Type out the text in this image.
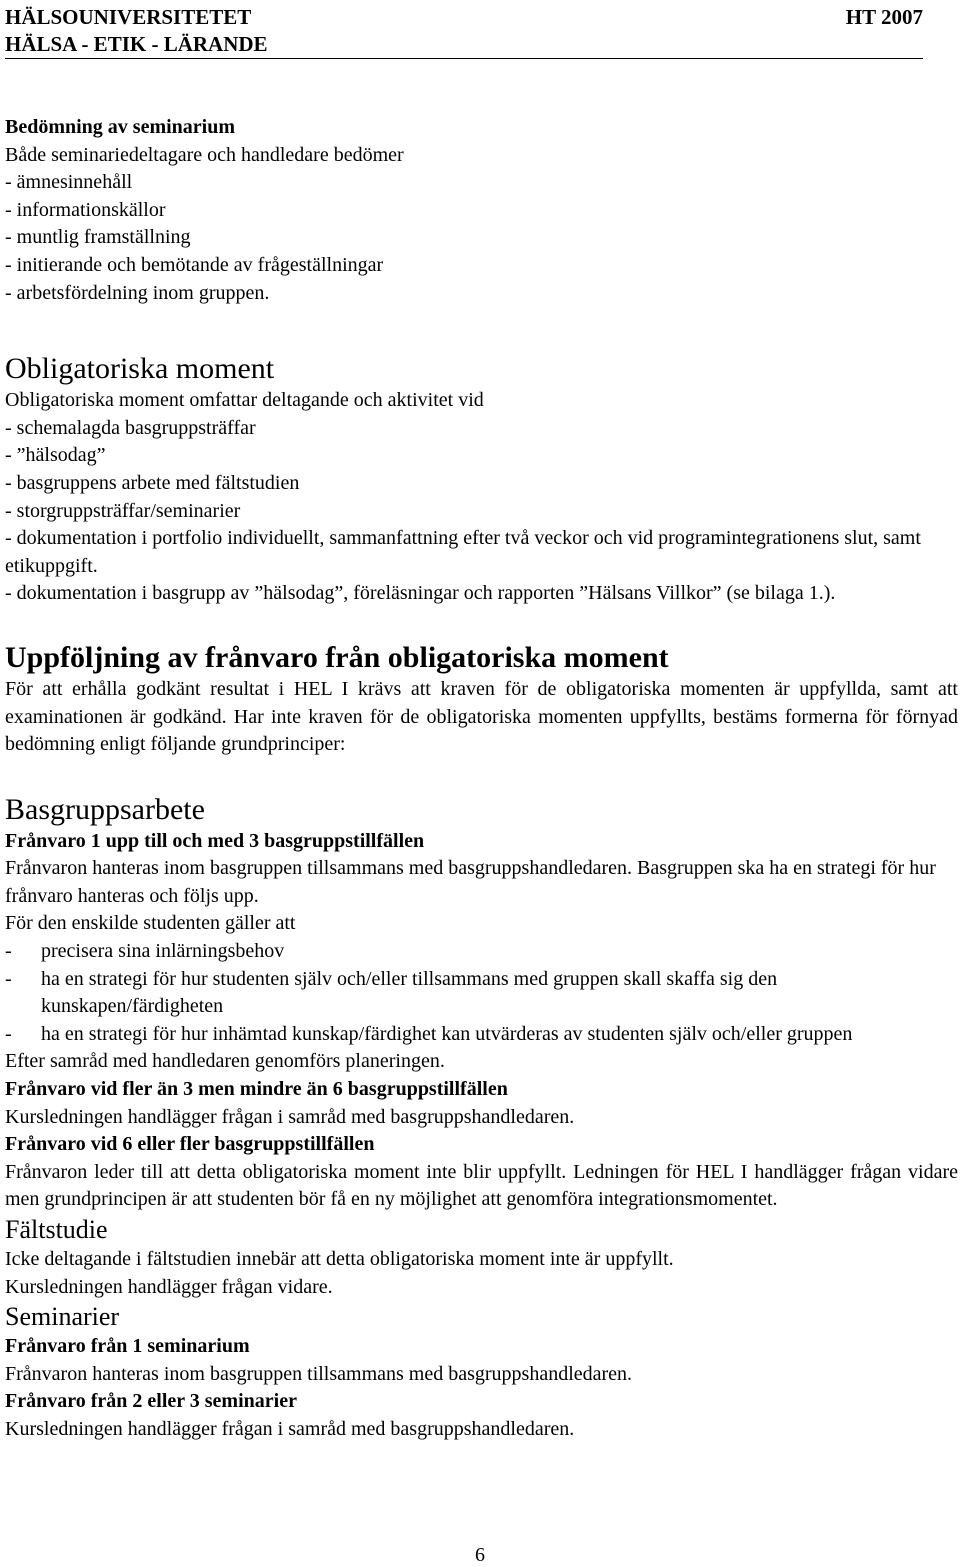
HÄLSOUNIVERSITETET	HT 2007
HÄLSA - ETIK - LÄRANDE

Bedömning av seminarium

Både seminariedeltagare och handledare bedömer

- ämnesinnehåll

- informationskällor

- muntlig framställning

- initierande och bemötande av frågeställningar

- arbetsfördelning inom gruppen.

Obligatoriska moment

Obligatoriska moment omfattar deltagande och aktivitet vid

- schemalagda basgruppsträffar

- ”hälsodag”

- basgruppens arbete med fältstudien

- storgruppsträffar/seminarier

- dokumentation i portfolio individuellt, sammanfattning efter två veckor och vid programintegrationens slut, samt etikuppgift.

- dokumentation i basgrupp av ”hälsodag”, föreläsningar och rapporten ”Hälsans Villkor” (se bilaga 1.).

Uppföljning av frånvaro från obligatoriska moment

För att erhålla godkänt resultat i HEL I krävs att kraven för de obligatoriska momenten är uppfyllda, samt att examinationen är godkänd. Har inte kraven för de obligatoriska momenten uppfyllts, bestäms formerna för förnyad bedömning enligt följande grundprinciper:

Basgruppsarbete

Frånvaro 1 upp till och med 3 basgruppstillfällen

Frånvaron hanteras inom basgruppen tillsammans med basgruppshandledaren. Basgruppen ska ha en strategi för hur frånvaro hanteras och följs upp.

För den enskilde studenten gäller att

-	precisera sina inlärningsbehov
-	ha en strategi för hur studenten själv och/eller tillsammans med gruppen skall skaffa sig den kunskapen/färdigheten
-	ha en strategi för hur inhämtad kunskap/färdighet kan utvärderas av studenten själv och/eller gruppen

Efter samråd med handledaren genomförs planeringen.

Frånvaro vid fler än 3 men mindre än 6 basgruppstillfällen

Kursledningen handlägger frågan i samråd med basgruppshandledaren.

Frånvaro vid 6 eller fler basgruppstillfällen

Frånvaron leder till att detta obligatoriska moment inte blir uppfyllt. Ledningen för HEL I handlägger frågan vidare men grundprincipen är att studenten bör få en ny möjlighet att genomföra integrationsmomentet.

Fältstudie

Icke deltagande i fältstudien innebär att detta obligatoriska moment inte är uppfyllt.

Kursledningen handlägger frågan vidare.

Seminarier

Frånvaro från 1 seminarium

Frånvaron hanteras inom basgruppen tillsammans med basgruppshandledaren.

Frånvaro från 2 eller 3 seminarier

Kursledningen handlägger frågan i samråd med basgruppshandledaren.

6
